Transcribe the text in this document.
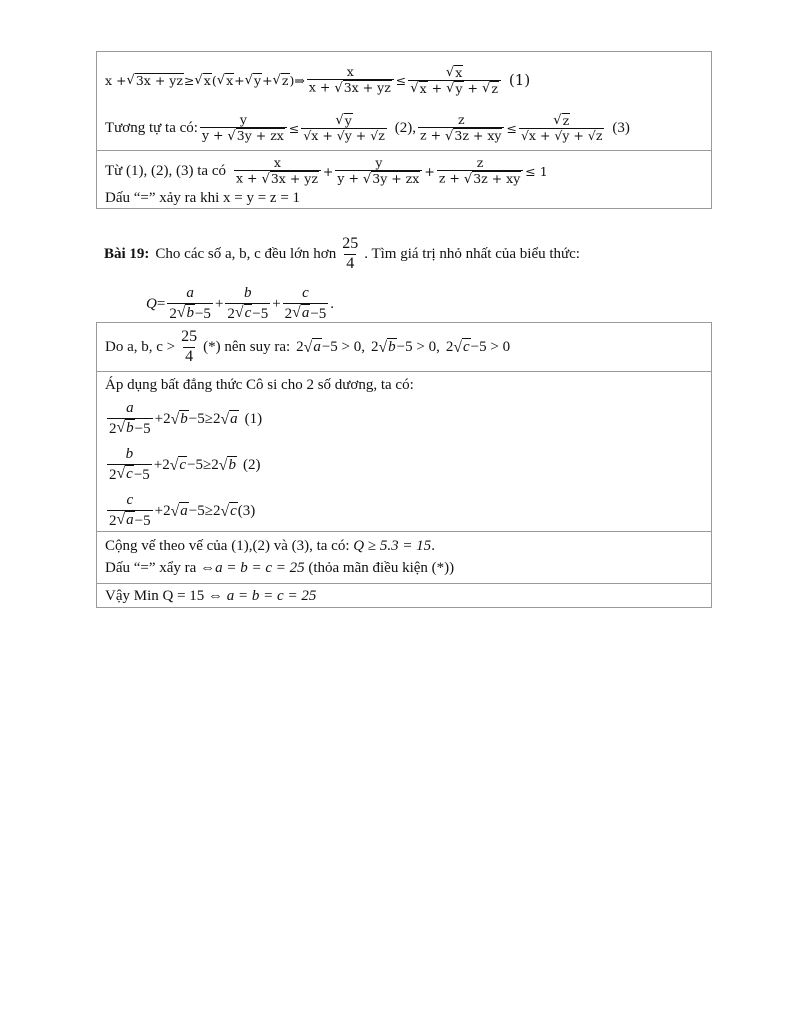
x + √ 3x + yz ≥ √ x ( √ x + √ y + √ z ) ⇒ $\frac{x}{x + √ 3x + yz} \le \frac{√ x}{√ x + √ y + √ z} (1)$
Tương tự ta có: $\frac{y}{y + √ 3y + zx} \le \frac{√ y}{√x + √y + √z} (2)$, $\frac{z}{z + √ 3z + xy} \le \frac{√ z}{√x + √y + √z} (3)$
Từ (1), (2), (3) ta có $\frac{x}{x + √ 3x + yz} + \frac{y}{y + √ 3y + zx} + \frac{z}{z + √ 3z + xy} \le 1$
Dấu “=” xảy ra khi x = y = z = 1
Bài 19: Cho các số a, b, c đều lớn hơn $\frac{25}{4}$ . Tìm giá trị nhỏ nhất của biểu thức:
$Q = \frac{a}{2 √ b -5} + \frac{b}{2 √ c -5} + \frac{c}{2 √ a -5}$ .
Do a, b, $c > \frac{25}{4}$ (*) nên suy ra: 2 √ a −5 > 0, 2 √ b −5 > 0, 2 √ c −5 > 0
Áp dụng bất đẳng thức Cô si cho 2 số dương, ta có:
$\frac{a}{2 √ b -5} +2$ √ b −5≥2 √ a (1)
$\frac{b}{2 √ c -5} +2$ √ c −5≥2 √ b (2)
$\frac{c}{2 √ a -5} +2$ √ a −5≥2 √ c (3)
Cộng vế theo vế của (1),(2) và (3), ta có: Q ≥ 5.3 = 15.
Dấu “=” xẩy ra ⇔a = b = c = 25 (thỏa mãn điều kiện (*))
Vậy Min Q = 15 ⇔ a = b = c = 25
